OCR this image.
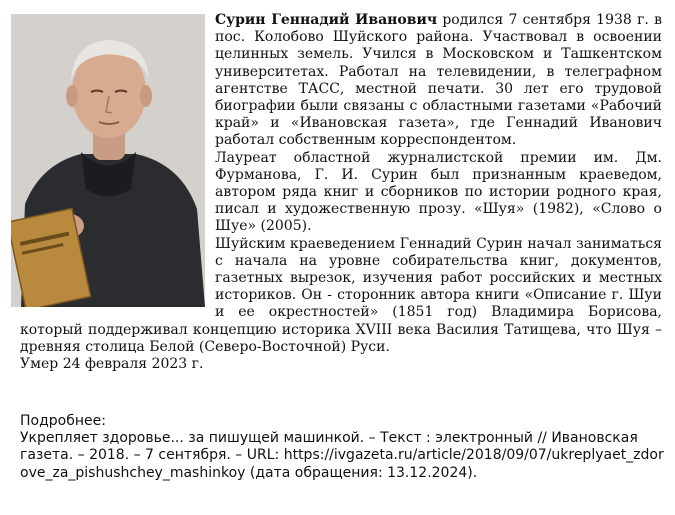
Сурин Геннадий Иванович родился 7 сентября 1938 г. в пос. Колобово Шуйского района. Участвовал в освоении целинных земель. Учился в Московском и Ташкентском университетах. Работал на телевидении, в телеграфном агентстве ТАСС, местной печати. 30 лет его трудовой биографии были связаны с областными газетами «Рабочий край» и «Ивановская газета», где Геннадий Иванович работал собственным корреспондентом.

Лауреат областной журналистской премии им. Дм. Фурманова, Г. И. Сурин был признанным краеведом, автором ряда книг и сборников по истории родного края, писал и художественную прозу. «Шуя» (1982), «Слово о Шуе» (2005).

Шуйским краеведением Геннадий Сурин начал заниматься с начала на уровне собирательства книг, документов, газетных вырезок, изучения работ российских и местных историков. Он - сторонник автора книги «Описание г. Шуи и ее окрестностей» (1851 год) Владимира Борисова, который поддерживал концепцию историка XVIII века Василия Татищева, что Шуя – древняя столица Белой (Северо-Восточной) Руси.

Умер 24 февраля 2023 г.

Подробнее:

Укрепляет здоровье... за пишущей машинкой. – Текст : электронный // Ивановская газета. – 2018. – 7 сентября. – URL: https://ivgazeta.ru/article/2018/09/07/ukreplyaet_zdorove_za_pishushchey_mashinkoy (дата обращения: 13.12.2024).
